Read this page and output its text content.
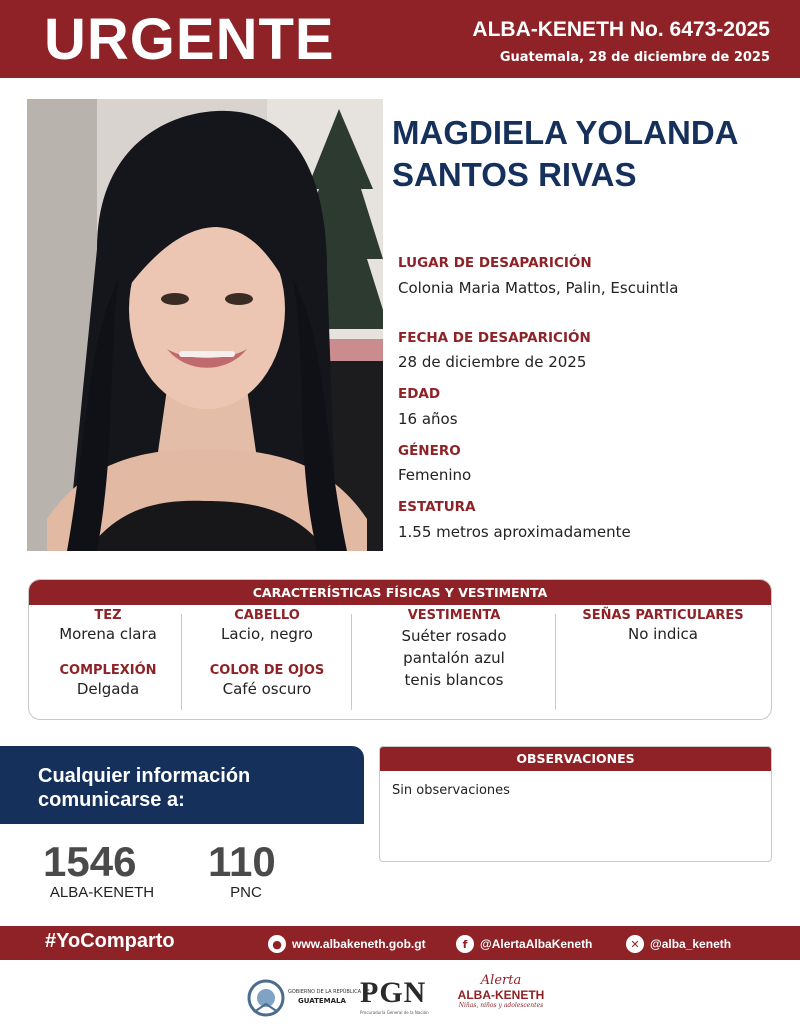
URGENTE	ALBA-KENETH No. 6473-2025
Guatemala, 28 de diciembre de 2025
MAGDIELA YOLANDA
SANTOS RIVAS
LUGAR DE DESAPARICIÓN
Colonia Maria Mattos, Palin, Escuintla
FECHA DE DESAPARICIÓN
28 de diciembre de 2025
EDAD
16 años
GÉNERO
Femenino
ESTATURA
1.55 metros aproximadamente
CARACTERÍSTICAS FÍSICAS Y VESTIMENTA
TEZ
Morena clara
COMPLEXIÓN
Delgada
CABELLO
Lacio, negro
COLOR DE OJOS
Café oscuro
VESTIMENTA
Suéter rosado
pantalón azul
tenis blancos
SEÑAS PARTICULARES
No indica
Cualquier información
comunicarse a:
1546
ALBA-KENETH
110
PNC
OBSERVACIONES
Sin observaciones
#YoComparto	● www.albakeneth.gob.gt	f	@AlertaAlbaKeneth	✕ @alba_keneth
GOBIERNO DE LA REPÚBLICA DE
GUATEMALA PGN
Procuraduría General de la Nación
Alerta
ALBA-KENETH
Niñas, niños y adolescentes
